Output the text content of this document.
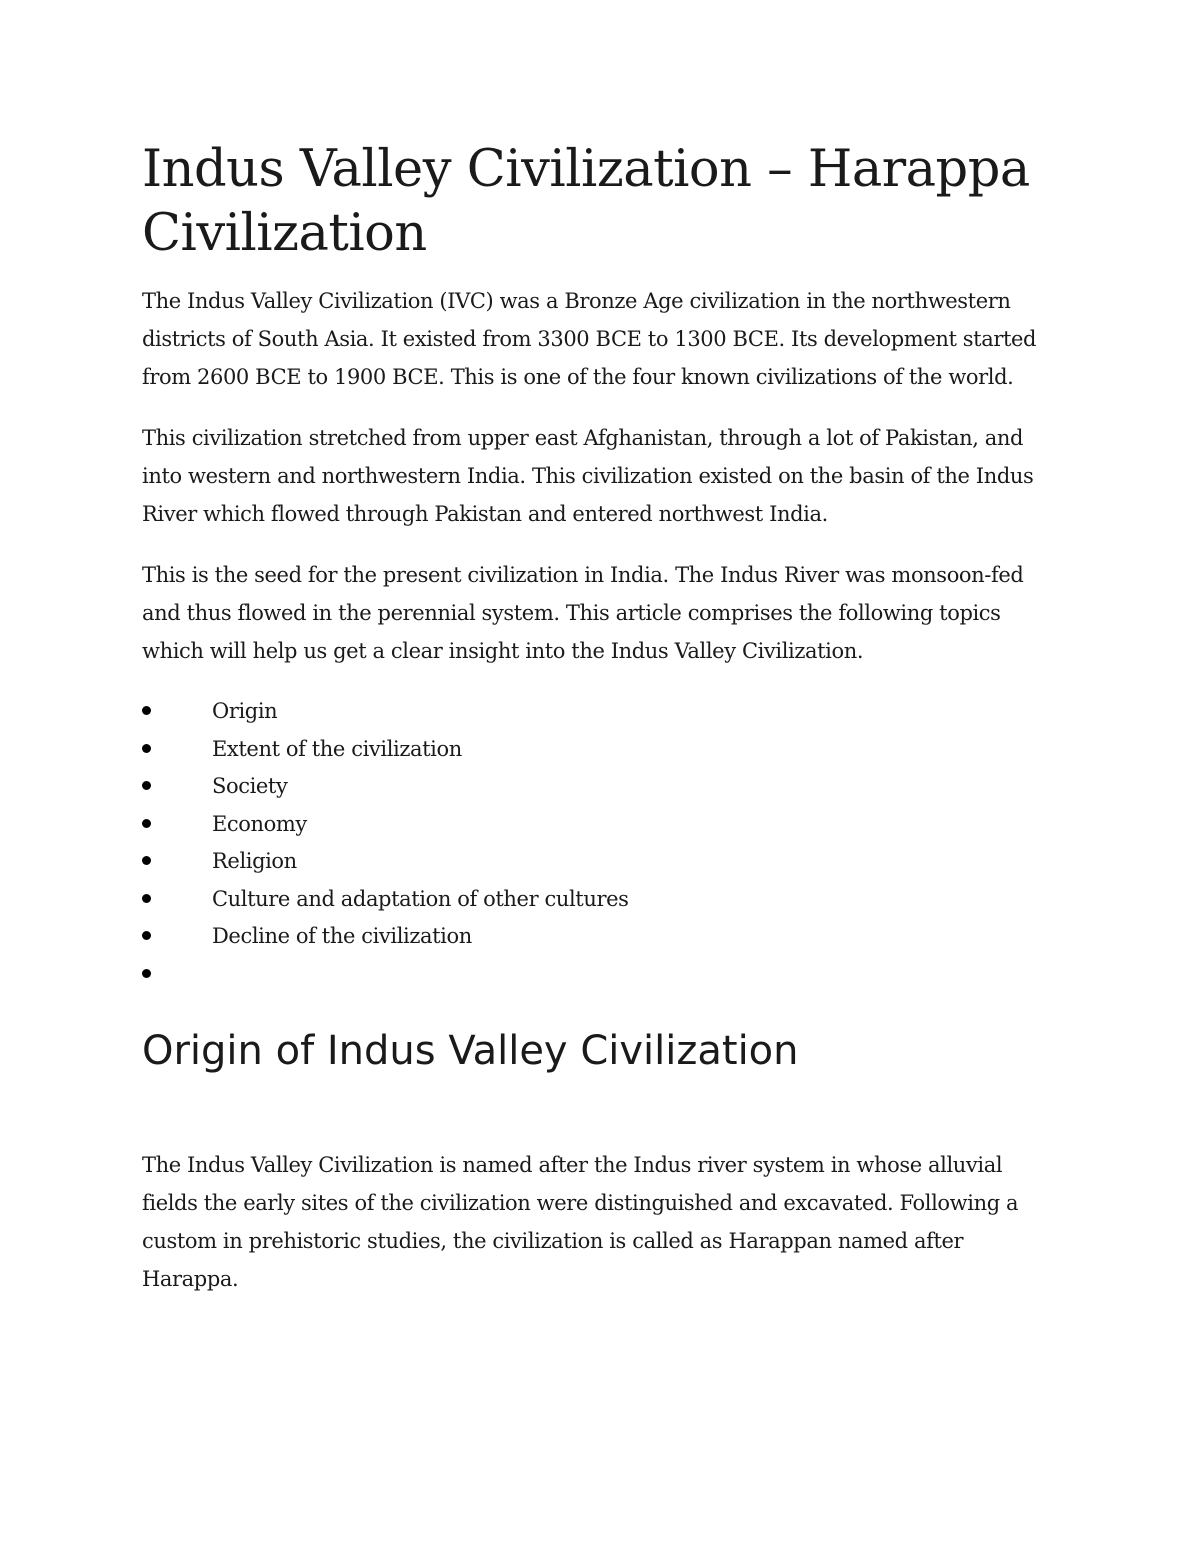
Indus Valley Civilization – Harappa Civilization

The Indus Valley Civilization (IVC) was a Bronze Age civilization in the northwestern districts of South Asia. It existed from 3300 BCE to 1300 BCE. Its development started from 2600 BCE to 1900 BCE. This is one of the four known civilizations of the world.

This civilization stretched from upper east Afghanistan, through a lot of Pakistan, and into western and northwestern India. This civilization existed on the basin of the Indus River which flowed through Pakistan and entered northwest India.

This is the seed for the present civilization in India. The Indus River was monsoon-fed and thus flowed in the perennial system. This article comprises the following topics which will help us get a clear insight into the Indus Valley Civilization.

Origin
Extent of the civilization
Society
Economy
Religion
Culture and adaptation of other cultures
Decline of the civilization
Origin of Indus Valley Civilization

The Indus Valley Civilization is named after the Indus river system in whose alluvial fields the early sites of the civilization were distinguished and excavated. Following a custom in prehistoric studies, the civilization is called as Harappan named after Harappa.
